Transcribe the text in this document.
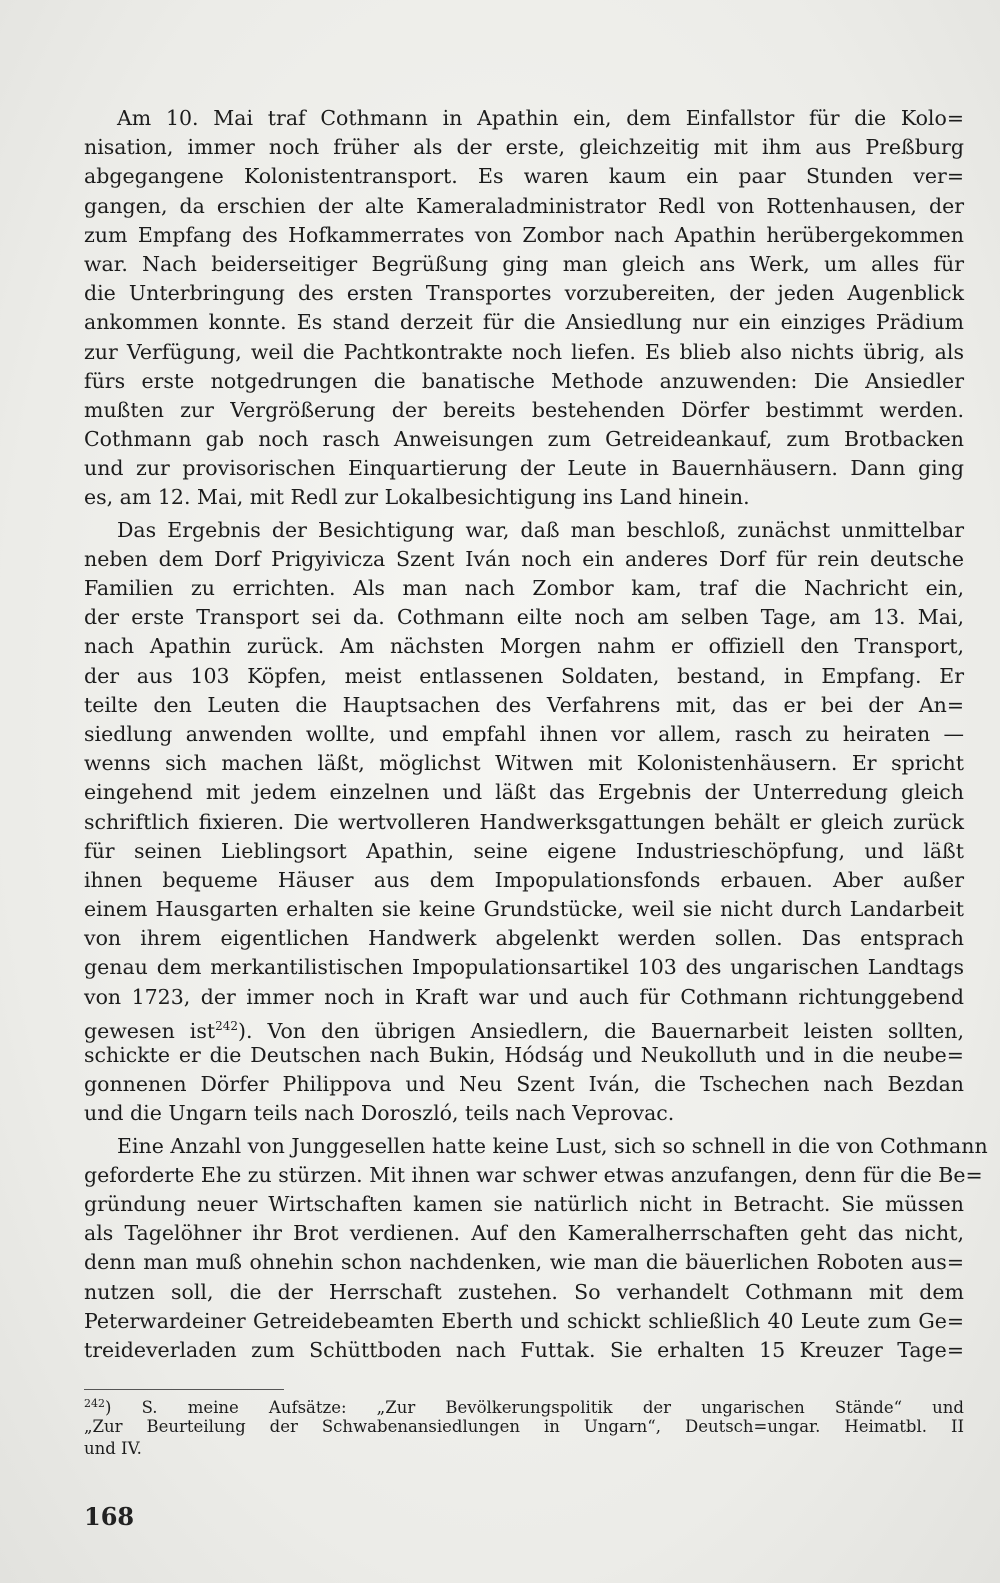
Am 10. Mai traf Cothmann in Apathin ein, dem Einfallstor für die Kolo=
nisation, immer noch früher als der erste, gleichzeitig mit ihm aus Preßburg
abgegangene Kolonistentransport. Es waren kaum ein paar Stunden ver=
gangen, da erschien der alte Kameraladministrator Redl von Rottenhausen, der
zum Empfang des Hofkammerrates von Zombor nach Apathin herübergekommen
war. Nach beiderseitiger Begrüßung ging man gleich ans Werk, um alles für
die Unterbringung des ersten Transportes vorzubereiten, der jeden Augenblick
ankommen konnte. Es stand derzeit für die Ansiedlung nur ein einziges Prädium
zur Verfügung, weil die Pachtkontrakte noch liefen. Es blieb also nichts übrig, als
fürs erste notgedrungen die banatische Methode anzuwenden: Die Ansiedler
mußten zur Vergrößerung der bereits bestehenden Dörfer bestimmt werden.
Cothmann gab noch rasch Anweisungen zum Getreideankauf, zum Brotbacken
und zur provisorischen Einquartierung der Leute in Bauernhäusern. Dann ging
es, am 12. Mai, mit Redl zur Lokalbesichtigung ins Land hinein.
Das Ergebnis der Besichtigung war, daß man beschloß, zunächst unmittelbar
neben dem Dorf Prigyivicza Szent Iván noch ein anderes Dorf für rein deutsche
Familien zu errichten. Als man nach Zombor kam, traf die Nachricht ein,
der erste Transport sei da. Cothmann eilte noch am selben Tage, am 13. Mai,
nach Apathin zurück. Am nächsten Morgen nahm er offiziell den Transport,
der aus 103 Köpfen, meist entlassenen Soldaten, bestand, in Empfang. Er
teilte den Leuten die Hauptsachen des Verfahrens mit, das er bei der An=
siedlung anwenden wollte, und empfahl ihnen vor allem, rasch zu heiraten —
wenns sich machen läßt, möglichst Witwen mit Kolonistenhäusern. Er spricht
eingehend mit jedem einzelnen und läßt das Ergebnis der Unterredung gleich
schriftlich fixieren. Die wertvolleren Handwerksgattungen behält er gleich zurück
für seinen Lieblingsort Apathin, seine eigene Industrieschöpfung, und läßt
ihnen bequeme Häuser aus dem Impopulationsfonds erbauen. Aber außer
einem Hausgarten erhalten sie keine Grundstücke, weil sie nicht durch Landarbeit
von ihrem eigentlichen Handwerk abgelenkt werden sollen. Das entsprach
genau dem merkantilistischen Impopulationsartikel 103 des ungarischen Landtags
von 1723, der immer noch in Kraft war und auch für Cothmann richtunggebend
gewesen ist$^{242}$). Von den übrigen Ansiedlern, die Bauernarbeit leisten sollten,
schickte er die Deutschen nach Bukin, Hódság und Neukolluth und in die neube=
gonnenen Dörfer Philippova und Neu Szent Iván, die Tschechen nach Bezdan
und die Ungarn teils nach Doroszló, teils nach Veprovac.
Eine Anzahl von Junggesellen hatte keine Lust, sich so schnell in die von Cothmann
geforderte Ehe zu stürzen. Mit ihnen war schwer etwas anzufangen, denn für die Be=
gründung neuer Wirtschaften kamen sie natürlich nicht in Betracht. Sie müssen
als Tagelöhner ihr Brot verdienen. Auf den Kameralherrschaften geht das nicht,
denn man muß ohnehin schon nachdenken, wie man die bäuerlichen Roboten aus=
nutzen soll, die der Herrschaft zustehen. So verhandelt Cothmann mit dem
Peterwardeiner Getreidebeamten Eberth und schickt schließlich 40 Leute zum Ge=
treideverladen zum Schüttboden nach Futtak. Sie erhalten 15 Kreuzer Tage=
$^{242}$) S. meine Aufsätze: „Zur Bevölkerungspolitik der ungarischen Stände“ und
„Zur Beurteilung der Schwabenansiedlungen in Ungarn“, Deutsch=ungar. Heimatbl. II
und IV.
168
